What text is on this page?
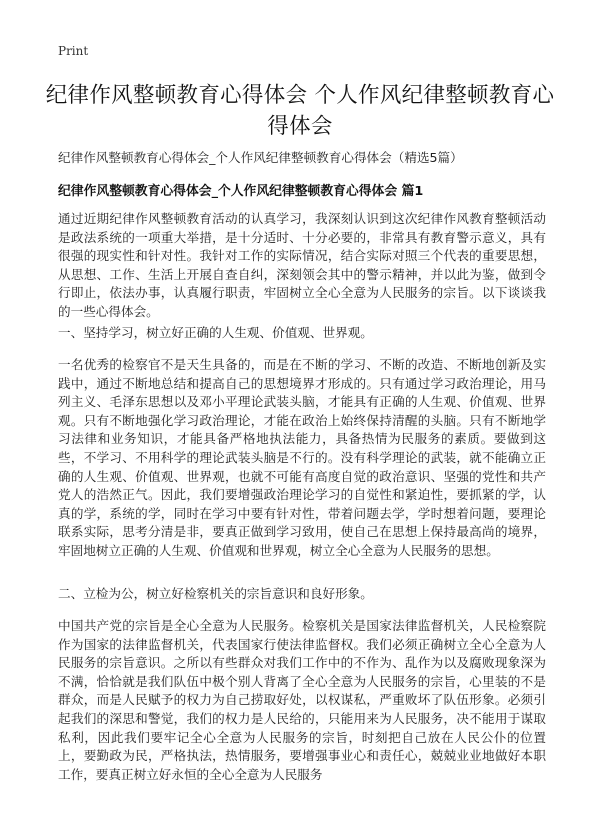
Print
纪律作风整顿教育心得体会 个人作风纪律整顿教育心得体会
纪律作风整顿教育心得体会_个人作风纪律整顿教育心得体会（精选5篇）
纪律作风整顿教育心得体会_个人作风纪律整顿教育心得体会 篇1

通过近期纪律作风整顿教育活动的认真学习，我深刻认识到这次纪律作风教育整顿活动是政法系统的一项重大举措，是十分适时、十分必要的，非常具有教育警示意义，具有很强的现实性和针对性。我针对工作的实际情况，结合实际对照三个代表的重要思想，从思想、工作、生活上开展自查自纠，深刻领会其中的警示精神，并以此为鉴，做到令行即止，依法办事，认真履行职责，牢固树立全心全意为人民服务的宗旨。以下谈谈我的一些心得体会。

一、坚持学习，树立好正确的人生观、价值观、世界观。

一名优秀的检察官不是天生具备的，而是在不断的学习、不断的改造、不断地创新及实践中，通过不断地总结和提高自己的思想境界才形成的。只有通过学习政治理论，用马列主义、毛泽东思想以及邓小平理论武装头脑，才能具有正确的人生观、价值观、世界观。只有不断地强化学习政治理论，才能在政治上始终保持清醒的头脑。只有不断地学习法律和业务知识，才能具备严格地执法能力，具备热情为民服务的素质。要做到这些，不学习、不用科学的理论武装头脑是不行的。没有科学理论的武装，就不能确立正确的人生观、价值观、世界观，也就不可能有高度自觉的政治意识、坚强的党性和共产党人的浩然正气。因此，我们要增强政治理论学习的自觉性和紧迫性，要抓紧的学，认真的学，系统的学，同时在学习中要有针对性，带着问题去学，学时想着问题，要理论联系实际，思考分清是非，要真正做到学习致用，使自己在思想上保持最高尚的境界，牢固地树立正确的人生观、价值观和世界观，树立全心全意为人民服务的思想。

二、立检为公，树立好检察机关的宗旨意识和良好形象。

中国共产党的宗旨是全心全意为人民服务。检察机关是国家法律监督机关，人民检察院作为国家的法律监督机关，代表国家行使法律监督权。我们必须正确树立全心全意为人民服务的宗旨意识。之所以有些群众对我们工作中的不作为、乱作为以及腐败现象深为不满，恰恰就是我们队伍中极个别人背离了全心全意为人民服务的宗旨，心里装的不是群众，而是人民赋予的权力为自己捞取好处，以权谋私，严重败坏了队伍形象。必须引起我们的深思和警觉，我们的权力是人民给的，只能用来为人民服务，决不能用于谋取私利，因此我们要牢记全心全意为人民服务的宗旨，时刻把自己放在人民公仆的位置上，要勤政为民，严格执法，热情服务，要增强事业心和责任心，兢兢业业地做好本职工作，要真正树立好永恒的全心全意为人民服务
